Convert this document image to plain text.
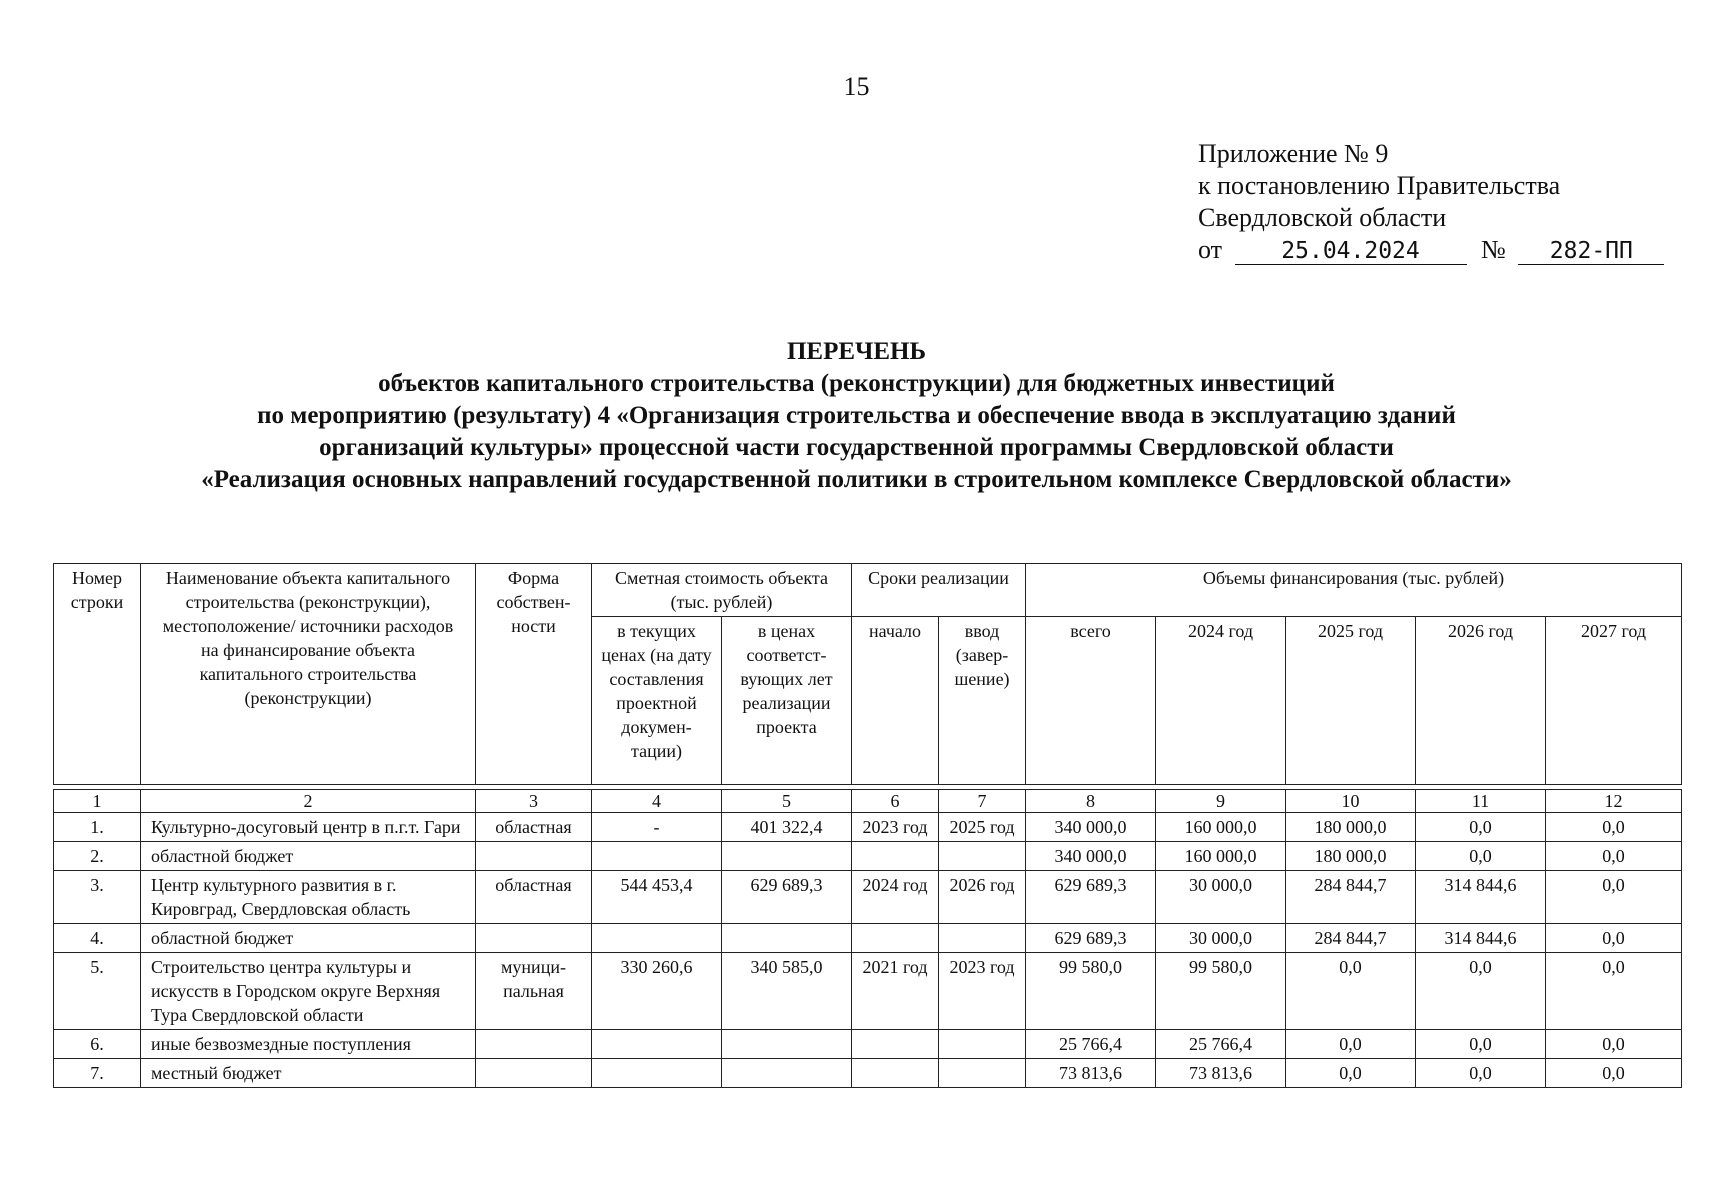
15
Приложение № 9
к постановлению Правительства
Свердловской области
от	25.04.2024 № 282-ПП
ПЕРЕЧЕНЬ
объектов капитального строительства (реконструкции) для бюджетных инвестиций
по мероприятию (результату) 4 «Организация строительства и обеспечение ввода в эксплуатацию зданий
организаций культуры» процессной части государственной программы Свердловской области
«Реализация основных направлений государственной политики в строительном комплексе Свердловской области»
Номер строки	Наименование объекта капитального строительства (реконструкции), местоположение/ источники расходов на финансирование объекта капитального строительства (реконструкции)	Форма собствен- ности	Сметная стоимость объекта (тыс. рублей)		Сроки реализации		Объемы финансирования (тыс. рублей)				
			в текущих ценах (на дату составления проектной докумен- тации)	в ценах соответст- вующих лет реализации проекта	начало	ввод (завер- шение)	всего	2024 год	2025 год	2026 год	2027 год

1	2	3	4	5	6	7	8	9	10	11	12
1.	Культурно-досуговый центр в п.г.т. Гари	областная	-	401 322,4	2023 год	2025 год	340 000,0	160 000,0	180 000,0	0,0	0,0
2.	областной бюджет						340 000,0	160 000,0	180 000,0	0,0	0,0
3.	Центр культурного развития в г. Кировград, Свердловская область	областная	544 453,4	629 689,3	2024 год	2026 год	629 689,3	30 000,0	284 844,7	314 844,6	0,0
4.	областной бюджет						629 689,3	30 000,0	284 844,7	314 844,6	0,0
5.	Строительство центра культуры и искусств в Городском округе Верхняя Тура Свердловской области	муници- пальная	330 260,6	340 585,0	2021 год	2023 год	99 580,0	99 580,0	0,0	0,0	0,0
6.	иные безвозмездные поступления						25 766,4	25 766,4	0,0	0,0	0,0
7.	местный бюджет						73 813,6	73 813,6	0,0	0,0	0,0
